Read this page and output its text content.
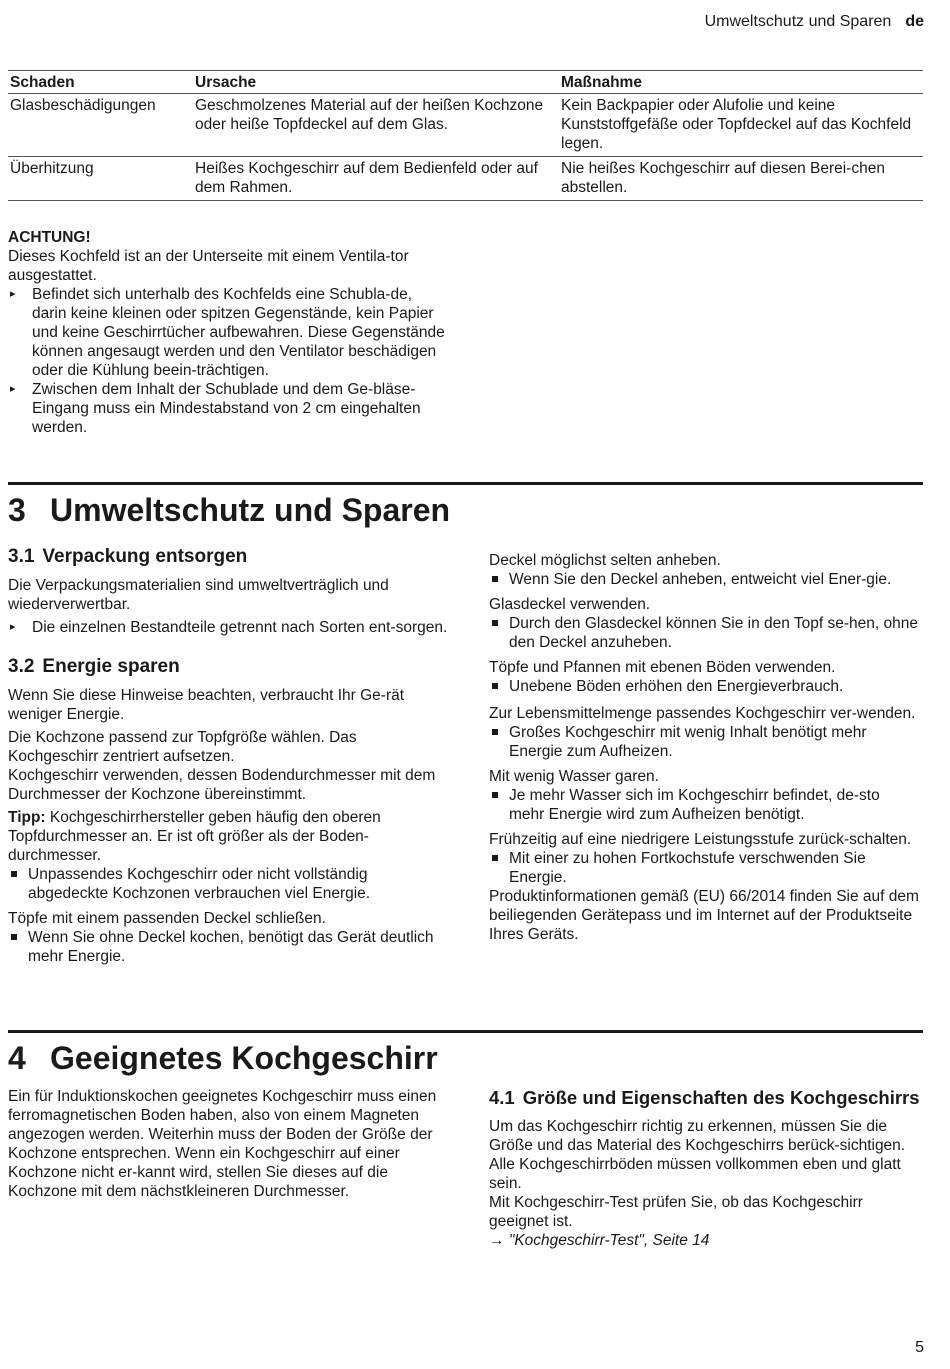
Umweltschutz und Sparen de
Schaden	Ursache	Maßnahme
Glasbeschädigungen	Geschmolzenes Material auf der heißen Kochzone oder heiße Topfdeckel auf dem Glas.	Kein Backpapier oder Alufolie und keine Kunststoffgefäße oder Topfdeckel auf das Kochfeld legen.
Überhitzung	Heißes Kochgeschirr auf dem Bedienfeld oder auf dem Rahmen.	Nie heißes Kochgeschirr auf diesen Berei-chen abstellen.

ACHTUNG!

Dieses Kochfeld ist an der Unterseite mit einem Ventila-tor ausgestattet.

▸ Befindet sich unterhalb des Kochfelds eine Schubla-de, darin keine kleinen oder spitzen Gegenstände, kein Papier und keine Geschirrtücher aufbewahren. Diese Gegenstände können angesaugt werden und den Ventilator beschädigen oder die Kühlung beein-trächtigen.
▸ Zwischen dem Inhalt der Schublade und dem Ge-bläse-Eingang muss ein Mindestabstand von 2 cm eingehalten werden.
3 Umweltschutz und Sparen
3.1 Verpackung entsorgen

Die Verpackungsmaterialien sind umweltverträglich und wiederverwertbar.

▸ Die einzelnen Bestandteile getrennt nach Sorten ent-sorgen.
3.2 Energie sparen

Wenn Sie diese Hinweise beachten, verbraucht Ihr Ge-rät weniger Energie.

Die Kochzone passend zur Topfgröße wählen. Das Kochgeschirr zentriert aufsetzen.

Kochgeschirr verwenden, dessen Bodendurchmesser mit dem Durchmesser der Kochzone übereinstimmt.

Tipp: Kochgeschirrhersteller geben häufig den oberen Topfdurchmesser an. Er ist oft größer als der Boden-durchmesser.

Unpassendes Kochgeschirr oder nicht vollständig abgedeckte Kochzonen verbrauchen viel Energie.

Töpfe mit einem passenden Deckel schließen.

Wenn Sie ohne Deckel kochen, benötigt das Gerät deutlich mehr Energie.

Deckel möglichst selten anheben.

Wenn Sie den Deckel anheben, entweicht viel Ener-gie.

Glasdeckel verwenden.

Durch den Glasdeckel können Sie in den Topf se-hen, ohne den Deckel anzuheben.

Töpfe und Pfannen mit ebenen Böden verwenden.

Unebene Böden erhöhen den Energieverbrauch.

Zur Lebensmittelmenge passendes Kochgeschirr ver-wenden.

Großes Kochgeschirr mit wenig Inhalt benötigt mehr Energie zum Aufheizen.

Mit wenig Wasser garen.

Je mehr Wasser sich im Kochgeschirr befindet, de-sto mehr Energie wird zum Aufheizen benötigt.

Frühzeitig auf eine niedrigere Leistungsstufe zurück-schalten.

Mit einer zu hohen Fortkochstufe verschwenden Sie Energie.

Produktinformationen gemäß (EU) 66/2014 finden Sie auf dem beiliegenden Gerätepass und im Internet auf der Produktseite Ihres Geräts.

4 Geeignetes Kochgeschirr

Ein für Induktionskochen geeignetes Kochgeschirr muss einen ferromagnetischen Boden haben, also von einem Magneten angezogen werden. Weiterhin muss der Boden der Größe der Kochzone entsprechen. Wenn ein Kochgeschirr auf einer Kochzone nicht er-kannt wird, stellen Sie dieses auf die Kochzone mit dem nächstkleineren Durchmesser.

4.1 Größe und Eigenschaften des Kochgeschirrs

Um das Kochgeschirr richtig zu erkennen, müssen Sie die Größe und das Material des Kochgeschirrs berück-sichtigen. Alle Kochgeschirrböden müssen vollkommen eben und glatt sein.

Mit Kochgeschirr-Test prüfen Sie, ob das Kochgeschirr geeignet ist.

→ "Kochgeschirr-Test", Seite 14

5
